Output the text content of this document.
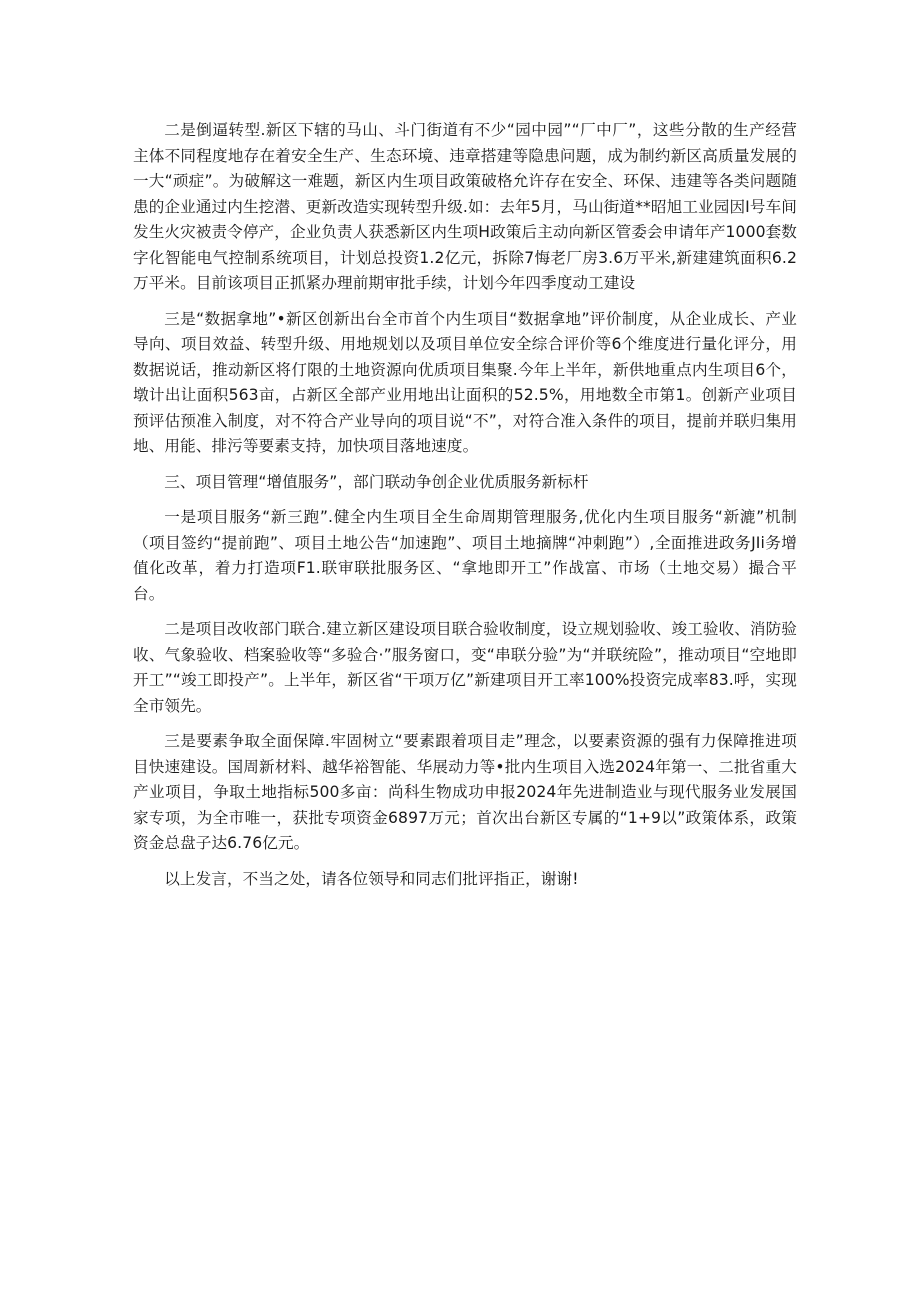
二是倒逼转型.新区下辖的马山、斗门街道有不少“园中园”“厂中厂”，这些分散的生产经营主体不同程度地存在着安全生产、生态环境、违章搭建等隐患问题，成为制约新区高质量发展的一大“顽症”。为破解这一难题，新区内生项目政策破格允许存在安全、环保、违建等各类问题随患的企业通过内生挖潜、更新改造实现转型升级.如：去年5月，马山街道**昭旭工业园因I号车间发生火灾被责令停产，企业负责人获悉新区内生项H政策后主动向新区管委会申请年产1000套数字化智能电气控制系统项目，计划总投资1.2亿元，拆除7悔老厂房3.6万平米,新建建筑面积6.2万平米。目前该项目正抓紧办理前期审批手续，计划今年四季度动工建设

三是“数据拿地”•新区创新出台全市首个内生项目“数据拿地”评价制度，从企业成长、产业导向、项目效益、转型升级、用地规划以及项目单位安全综合评价等6个维度进行量化评分，用数据说话，推动新区将仃限的土地资源向优质项目集聚.今年上半年，新供地重点内生项目6个，墩计出让面积563亩，占新区全部产业用地出让面积的52.5%，用地数全市第1。创新产业项目预评估预准入制度，对不符合产业导向的项目说“不”，对符合准入条件的项目，提前并联归集用地、用能、排污等要素支持，加快项目落地速度。

三、项目管理“增值服务”，部门联动争创企业优质服务新标杆

一是项目服务“新三跑”.健全内生项目全生命周期管理服务,优化内生项目服务“新漉”机制（项目签约“提前跑”、项目土地公告“加速跑”、项目土地摘牌“冲刺跑”）,全面推进政务JIi务增值化改革，着力打造项F1.联审联批服务区、“拿地即开工”作战富、市场（土地交易）撮合平台。

二是项目改收部门联合.建立新区建设项目联合验收制度，设立规划验收、竣工验收、消防验收、气象验收、档案验收等“多验合·”服务窗口，变“串联分验”为“并联统险”，推动项目“空地即开工”“竣工即投产”。上半年，新区省“干项万亿”新建项目开工率100%投资完成率83.呼，实现全市领先。

三是要素争取全面保障.牢固树立“要素跟着项目走”理念，以要素资源的强有力保障推进项目快速建设。国周新材料、越华裕智能、华展动力等•批内生项目入选2024年第一、二批省重大产业项目，争取土地指标500多亩：尚科生物成功申报2024年先进制造业与现代服务业发展国家专项，为全市唯一，获批专项资金6897万元；首次出台新区专属的“1+9以”政策体系，政策资金总盘子达6.76亿元。

以上发言，不当之处，请各位领导和同志们批评指正，谢谢!
